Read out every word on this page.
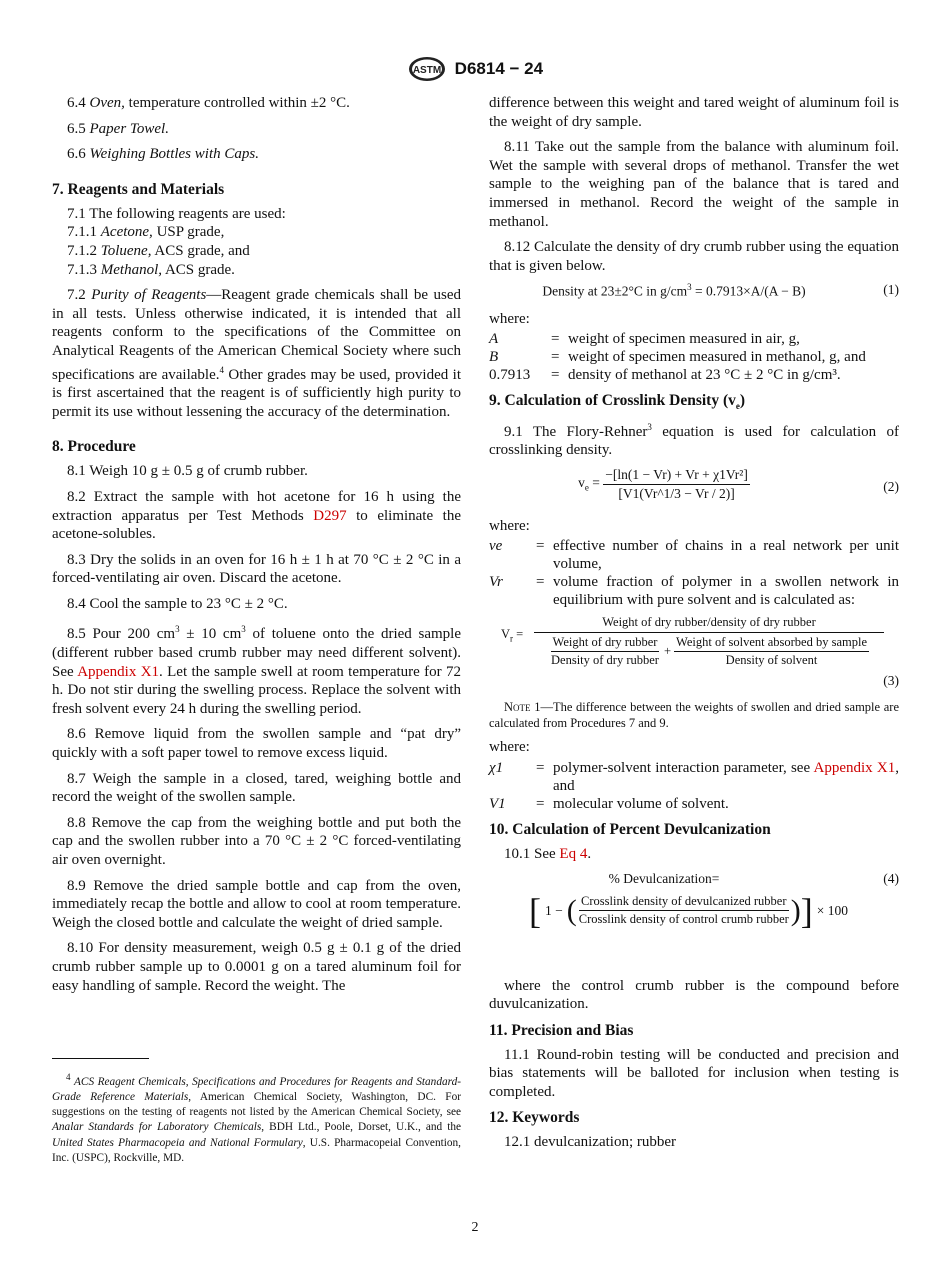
ASTM D6814 − 24

6.4 Oven, temperature controlled within ±2 °C.

6.5 Paper Towel.

6.6 Weighing Bottles with Caps.

7. Reagents and Materials

7.1 The following reagents are used:

7.1.1 Acetone, USP grade,

7.1.2 Toluene, ACS grade, and

7.1.3 Methanol, ACS grade.

7.2 Purity of Reagents—Reagent grade chemicals shall be used in all tests. Unless otherwise indicated, it is intended that all reagents conform to the specifications of the Committee on Analytical Reagents of the American Chemical Society where such specifications are available.$^4$ Other grades may be used, provided it is first ascertained that the reagent is of sufficiently high purity to permit its use without lessening the accuracy of the determination.

8. Procedure

8.1 Weigh 10 g ± 0.5 g of crumb rubber.

8.2 Extract the sample with hot acetone for 16 h using the extraction apparatus per Test Methods D297 to eliminate the acetone-solubles.

8.3 Dry the solids in an oven for 16 h ± 1 h at 70 °C ± 2 °C in a forced-ventilating air oven. Discard the acetone.

8.4 Cool the sample to 23 °C ± 2 °C.

8.5 Pour 200 $cm^3 \pm 10$ $cm^3$ of toluene onto the dried sample (different rubber based crumb rubber may need different solvent). See Appendix X1. Let the sample swell at room temperature for 72 h. Do not stir during the swelling process. Replace the solvent with fresh solvent every 24 h during the swelling period.

8.6 Remove liquid from the swollen sample and “pat dry” quickly with a soft paper towel to remove excess liquid.

8.7 Weigh the sample in a closed, tared, weighing bottle and record the weight of the swollen sample.

8.8 Remove the cap from the weighing bottle and put both the cap and the swollen rubber into a 70 °C ± 2 °C forced-ventilating air oven overnight.

8.9 Remove the dried sample bottle and cap from the oven, immediately recap the bottle and allow to cool at room temperature. Weigh the closed bottle and calculate the weight of dried sample.

8.10 For density measurement, weigh 0.5 g ± 0.1 g of the dried crumb rubber sample up to 0.0001 g on a tared aluminum foil for easy handling of sample. Record the weight. The

$^4$ ACS Reagent Chemicals, Specifications and Procedures for Reagents and Standard-Grade Reference Materials, American Chemical Society, Washington, DC. For suggestions on the testing of reagents not listed by the American Chemical Society, see Analar Standards for Laboratory Chemicals, BDH Ltd., Poole, Dorset, U.K., and the United States Pharmacopeia and National Formulary, U.S. Pharmacopeial Convention, Inc. (USPC), Rockville, MD.

difference between this weight and tared weight of aluminum foil is the weight of dry sample.

8.11 Take out the sample from the balance with aluminum foil. Wet the sample with several drops of methanol. Transfer the wet sample to the weighing pan of the balance that is tared and immersed in methanol. Record the weight of the sample in methanol.

8.12 Calculate the density of dry crumb rubber using the equation that is given below.

Density at 23±2°C in $g/cm^3 = 0.7913\times A/(A - B)$	(1)

where:

A	= weight of specimen measured in air, g,
B	= weight of specimen measured in methanol, g, and
0.7913	= density of methanol at 23 °C ± 2 °C in g/cm³.
9. Calculation of Crosslink Density $(v_e)$

9.1 The Flory-Rehner$^3$ equation is used for calculation of crosslinking density.

$v_e = \frac{\text{−[ln(1 − Vr) + Vr + χ1Vr²]}}{[V1(Vr\^{}1/3 - Vr / 2)]}$	(2)

where:

ve	= effective number of chains in a real network per unit volume,
Vr	= volume fraction of polymer in a swollen network in equilibrium with pure solvent and is calculated as:
$V_r$ =
Weight of dry rubber/density of dry rubber
$\frac{\text{Weight of dry rubber}}{\text{Density of dry rubber}} + \frac{\text{Weight of solvent absorbed by sample}}{\text{Density of solvent}}$
(3)

Note 1—The difference between the weights of swollen and dried sample are calculated from Procedures 7 and 9.

where:

χ1	= polymer-solvent interaction parameter, see Appendix X1, and
V1	= molecular volume of solvent.
10. Calculation of Percent Devulcanization

10.1 See Eq 4.

% Devulcanization=	(4)
[ 1 − ( $\frac{\text{Crosslink density of devulcanized rubber}}{\text{Crosslink density of control crumb rubber}}$ ) ] × 100

where the control crumb rubber is the compound before duvulcanization.

11. Precision and Bias

11.1 Round-robin testing will be conducted and precision and bias statements will be balloted for inclusion when testing is completed.

12. Keywords

12.1 devulcanization; rubber

2
